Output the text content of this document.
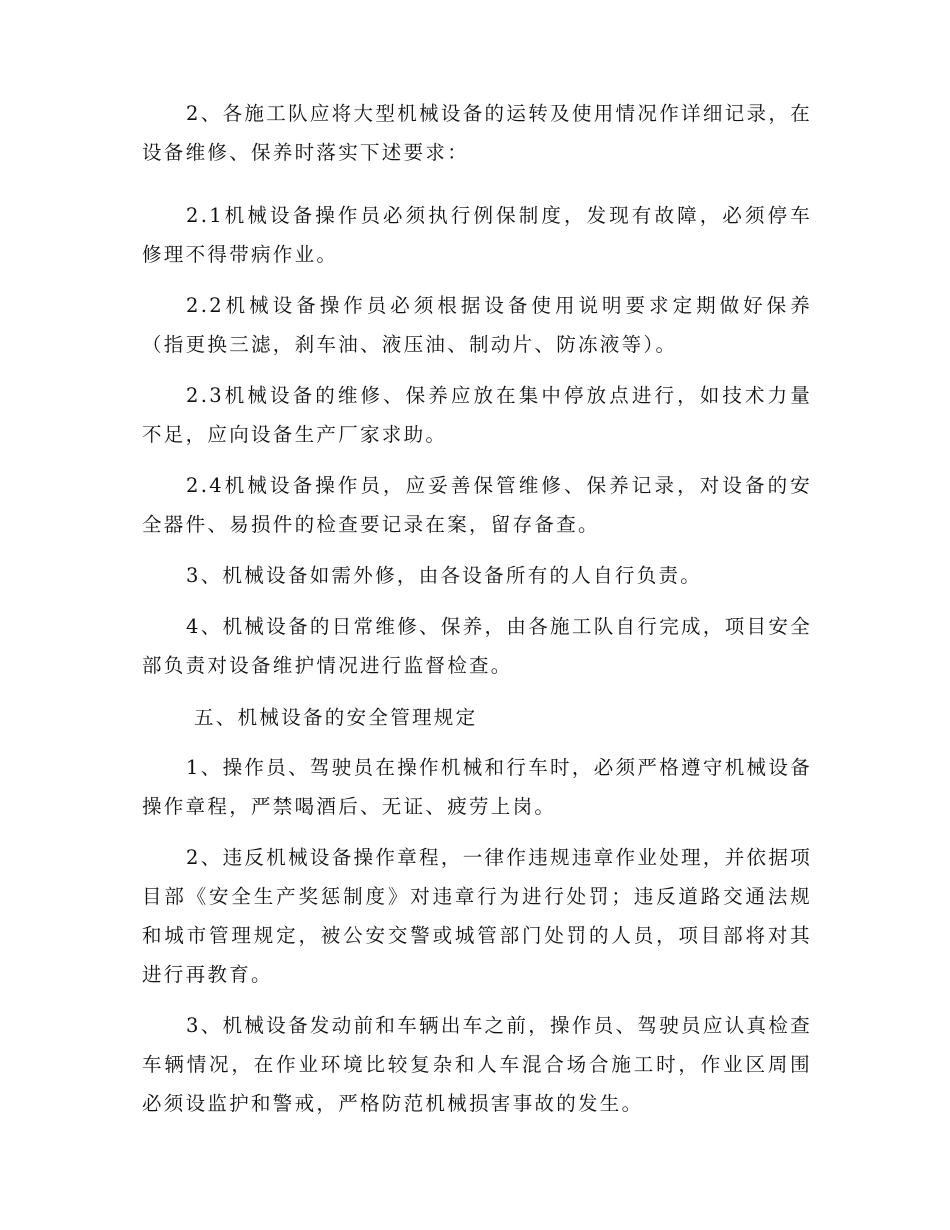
2、各施工队应将大型机械设备的运转及使用情况作详细记录，在设备维修、保养时落实下述要求：

2.1机械设备操作员必须执行例保制度，发现有故障，必须停车修理不得带病作业。

2.2机械设备操作员必须根据设备使用说明要求定期做好保养（指更换三滤，刹车油、液压油、制动片、防冻液等）。

2.3机械设备的维修、保养应放在集中停放点进行，如技术力量不足，应向设备生产厂家求助。

2.4机械设备操作员，应妥善保管维修、保养记录，对设备的安全器件、易损件的检查要记录在案，留存备查。

3、机械设备如需外修，由各设备所有的人自行负责。

4、机械设备的日常维修、保养，由各施工队自行完成，项目安全部负责对设备维护情况进行监督检查。

五、机械设备的安全管理规定

1、操作员、驾驶员在操作机械和行车时，必须严格遵守机械设备操作章程，严禁喝酒后、无证、疲劳上岗。

2、违反机械设备操作章程，一律作违规违章作业处理，并依据项目部《安全生产奖惩制度》对违章行为进行处罚；违反道路交通法规和城市管理规定，被公安交警或城管部门处罚的人员，项目部将对其进行再教育。

3、机械设备发动前和车辆出车之前，操作员、驾驶员应认真检查车辆情况，在作业环境比较复杂和人车混合场合施工时，作业区周围必须设监护和警戒，严格防范机械损害事故的发生。
